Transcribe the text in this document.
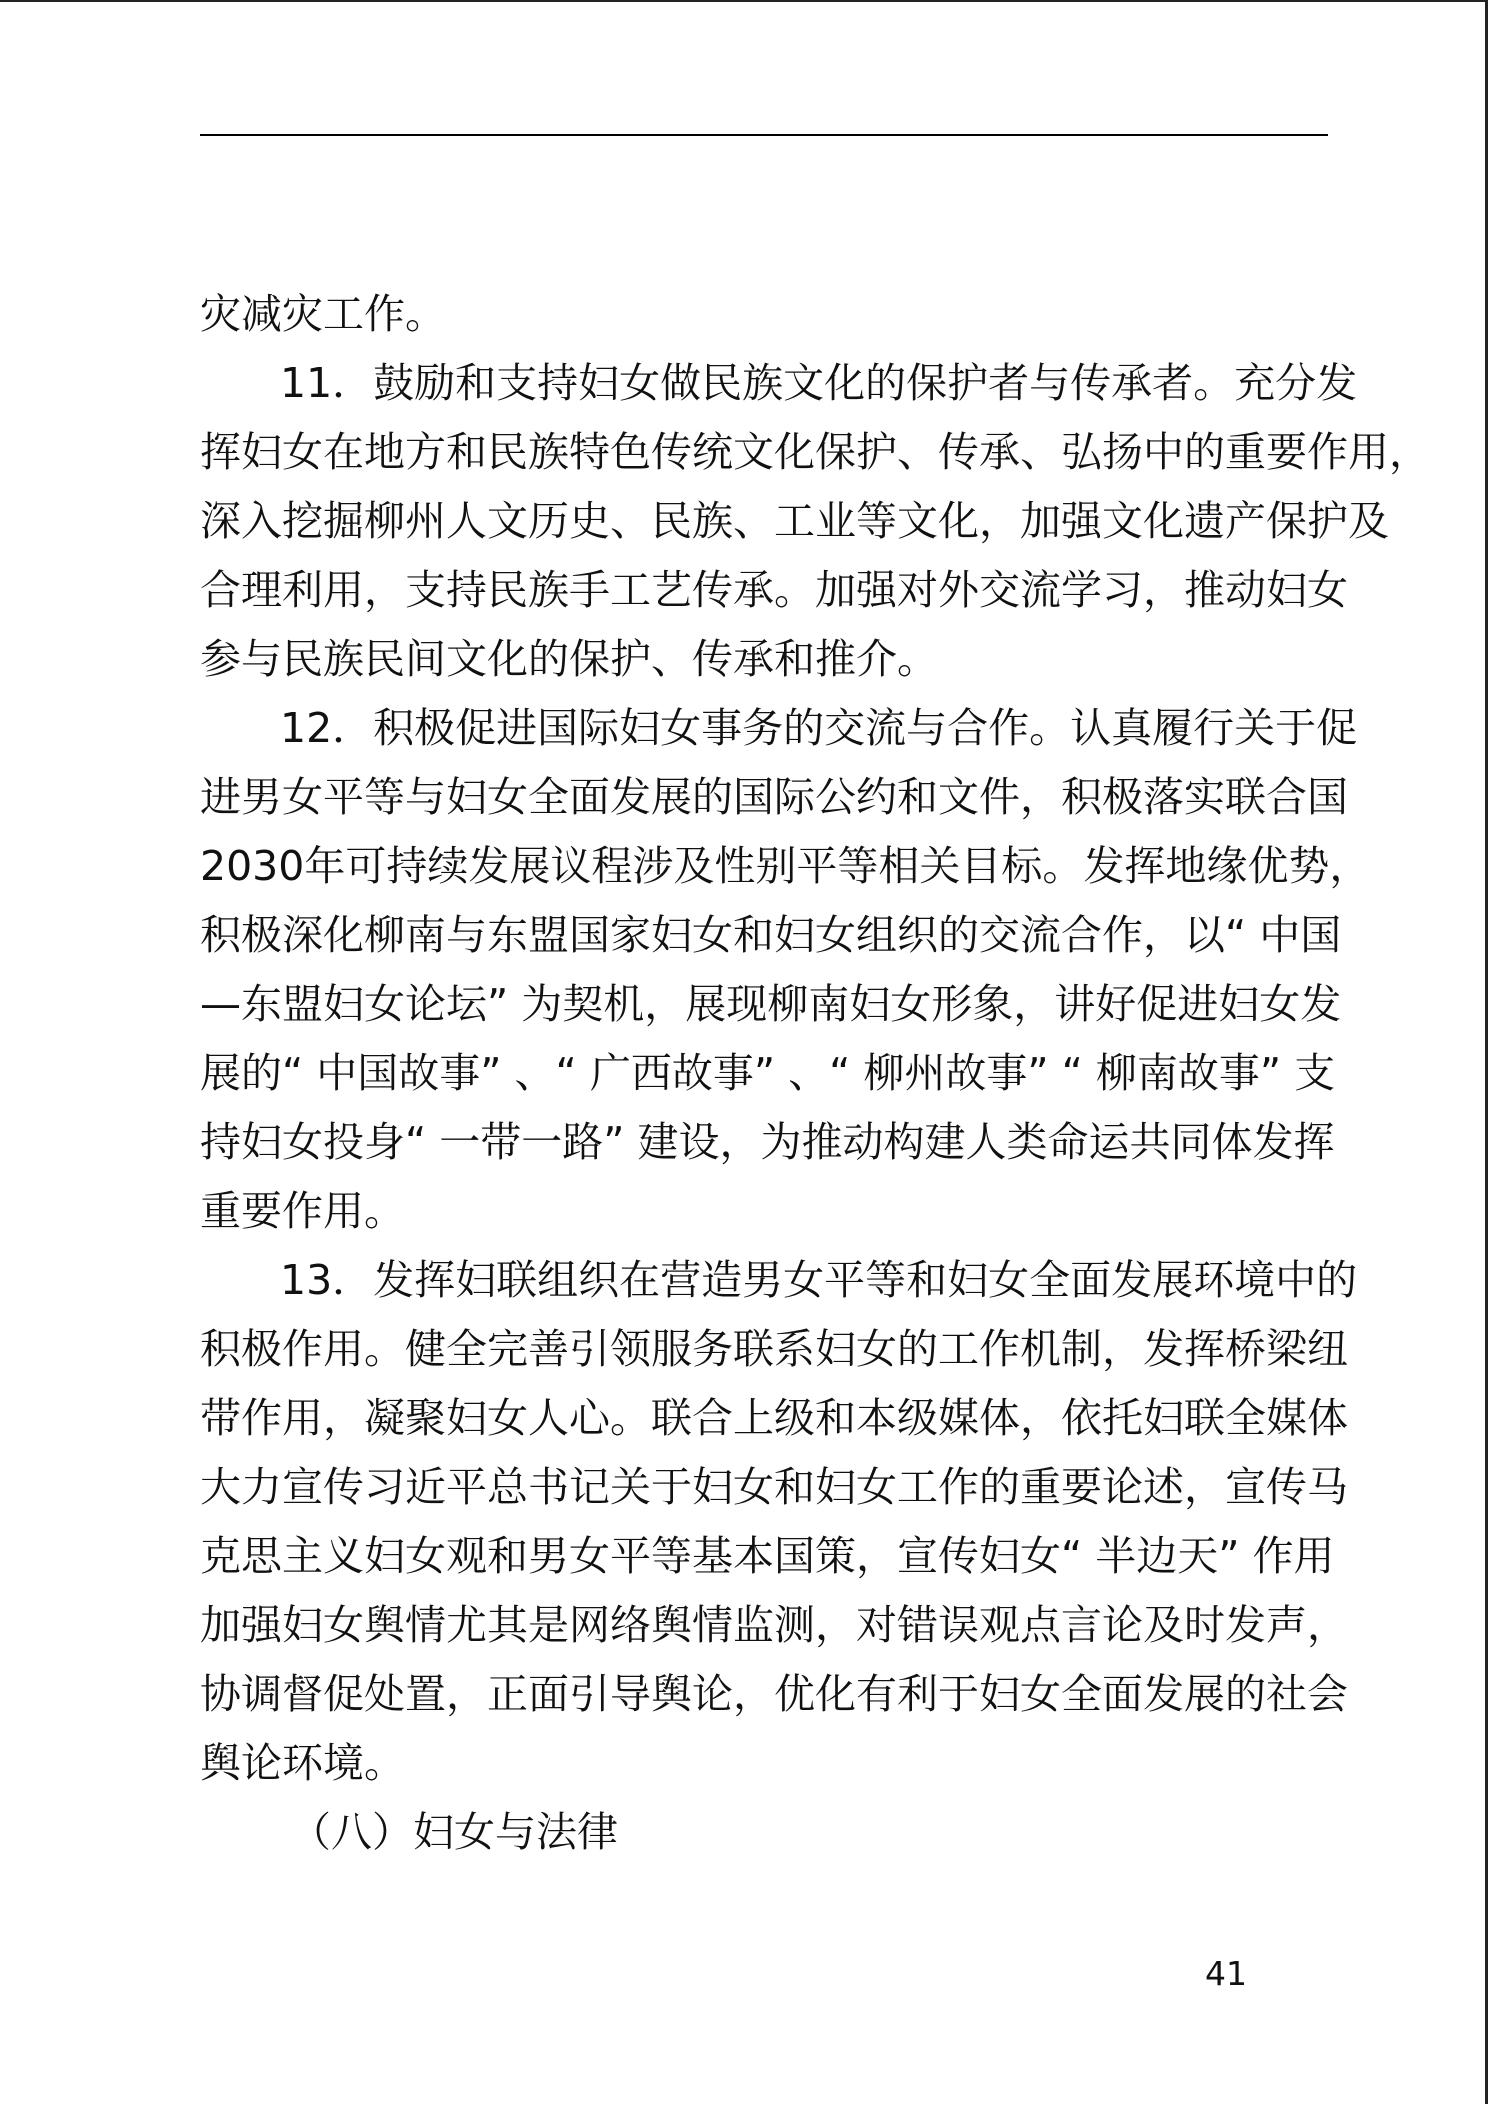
灾减灾工作。
11．鼓励和支持妇女做民族文化的保护者与传承者。充分发
挥妇女在地方和民族特色传统文化保护、传承、弘扬中的重要作用，
深入挖掘柳州人文历史、民族、工业等文化，加强文化遗产保护及
合理利用，支持民族手工艺传承。加强对外交流学习，推动妇女
参与民族民间文化的保护、传承和推介。
12．积极促进国际妇女事务的交流与合作。认真履行关于促
进男女平等与妇女全面发展的国际公约和文件，积极落实联合国
2030年可持续发展议程涉及性别平等相关目标。发挥地缘优势，
积极深化柳南与东盟国家妇女和妇女组织的交流合作，以“ 中国
—东盟妇女论坛” 为契机，展现柳南妇女形象，讲好促进妇女发
展的“ 中国故事” 、“ 广西故事” 、“ 柳州故事” “ 柳南故事” 支
持妇女投身“ 一带一路” 建设，为推动构建人类命运共同体发挥
重要作用。
13．发挥妇联组织在营造男女平等和妇女全面发展环境中的
积极作用。健全完善引领服务联系妇女的工作机制，发挥桥梁纽
带作用，凝聚妇女人心。联合上级和本级媒体，依托妇联全媒体
大力宣传习近平总书记关于妇女和妇女工作的重要论述，宣传马
克思主义妇女观和男女平等基本国策，宣传妇女“ 半边天” 作用
加强妇女舆情尤其是网络舆情监测，对错误观点言论及时发声，
协调督促处置，正面引导舆论，优化有利于妇女全面发展的社会
舆论环境。
（八）妇女与法律
41
